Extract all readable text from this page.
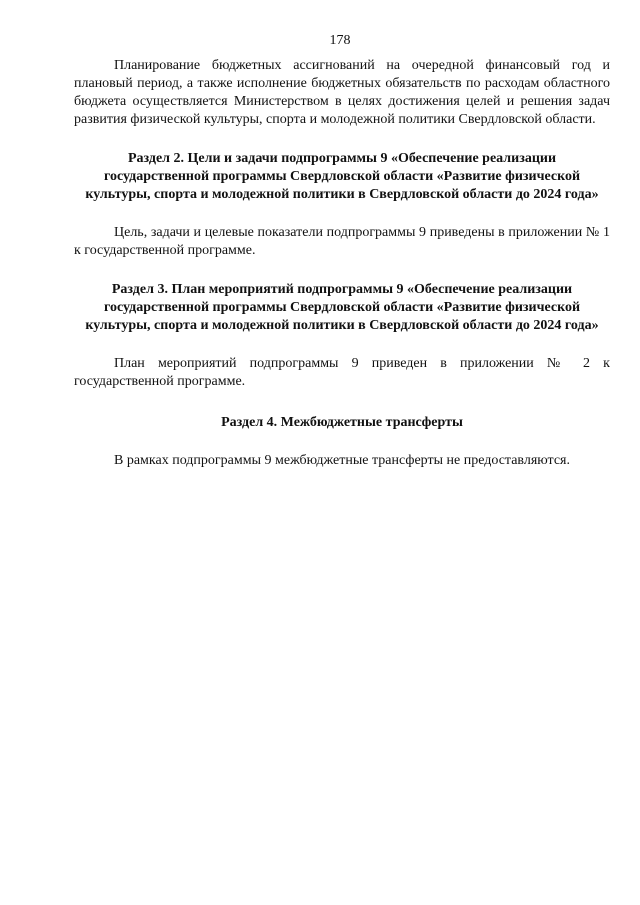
178

Планирование бюджетных ассигнований на очередной финансовый год и плановый период, а также исполнение бюджетных обязательств по расходам областного бюджета осуществляется Министерством в целях достижения целей и решения задач развития физической культуры, спорта и молодежной политики Свердловской области.

Раздел 2. Цели и задачи подпрограммы 9 «Обеспечение реализации государственной программы Свердловской области «Развитие физической культуры, спорта и молодежной политики в Свердловской области до 2024 года»

Цель, задачи и целевые показатели подпрограммы 9 приведены в приложении № 1 к государственной программе.

Раздел 3. План мероприятий подпрограммы 9 «Обеспечение реализации государственной программы Свердловской области «Развитие физической культуры, спорта и молодежной политики в Свердловской области до 2024 года»

План мероприятий подпрограммы 9 приведен в приложении № 2 к государственной программе.

Раздел 4. Межбюджетные трансферты

В рамках подпрограммы 9 межбюджетные трансферты не предоставляются.
